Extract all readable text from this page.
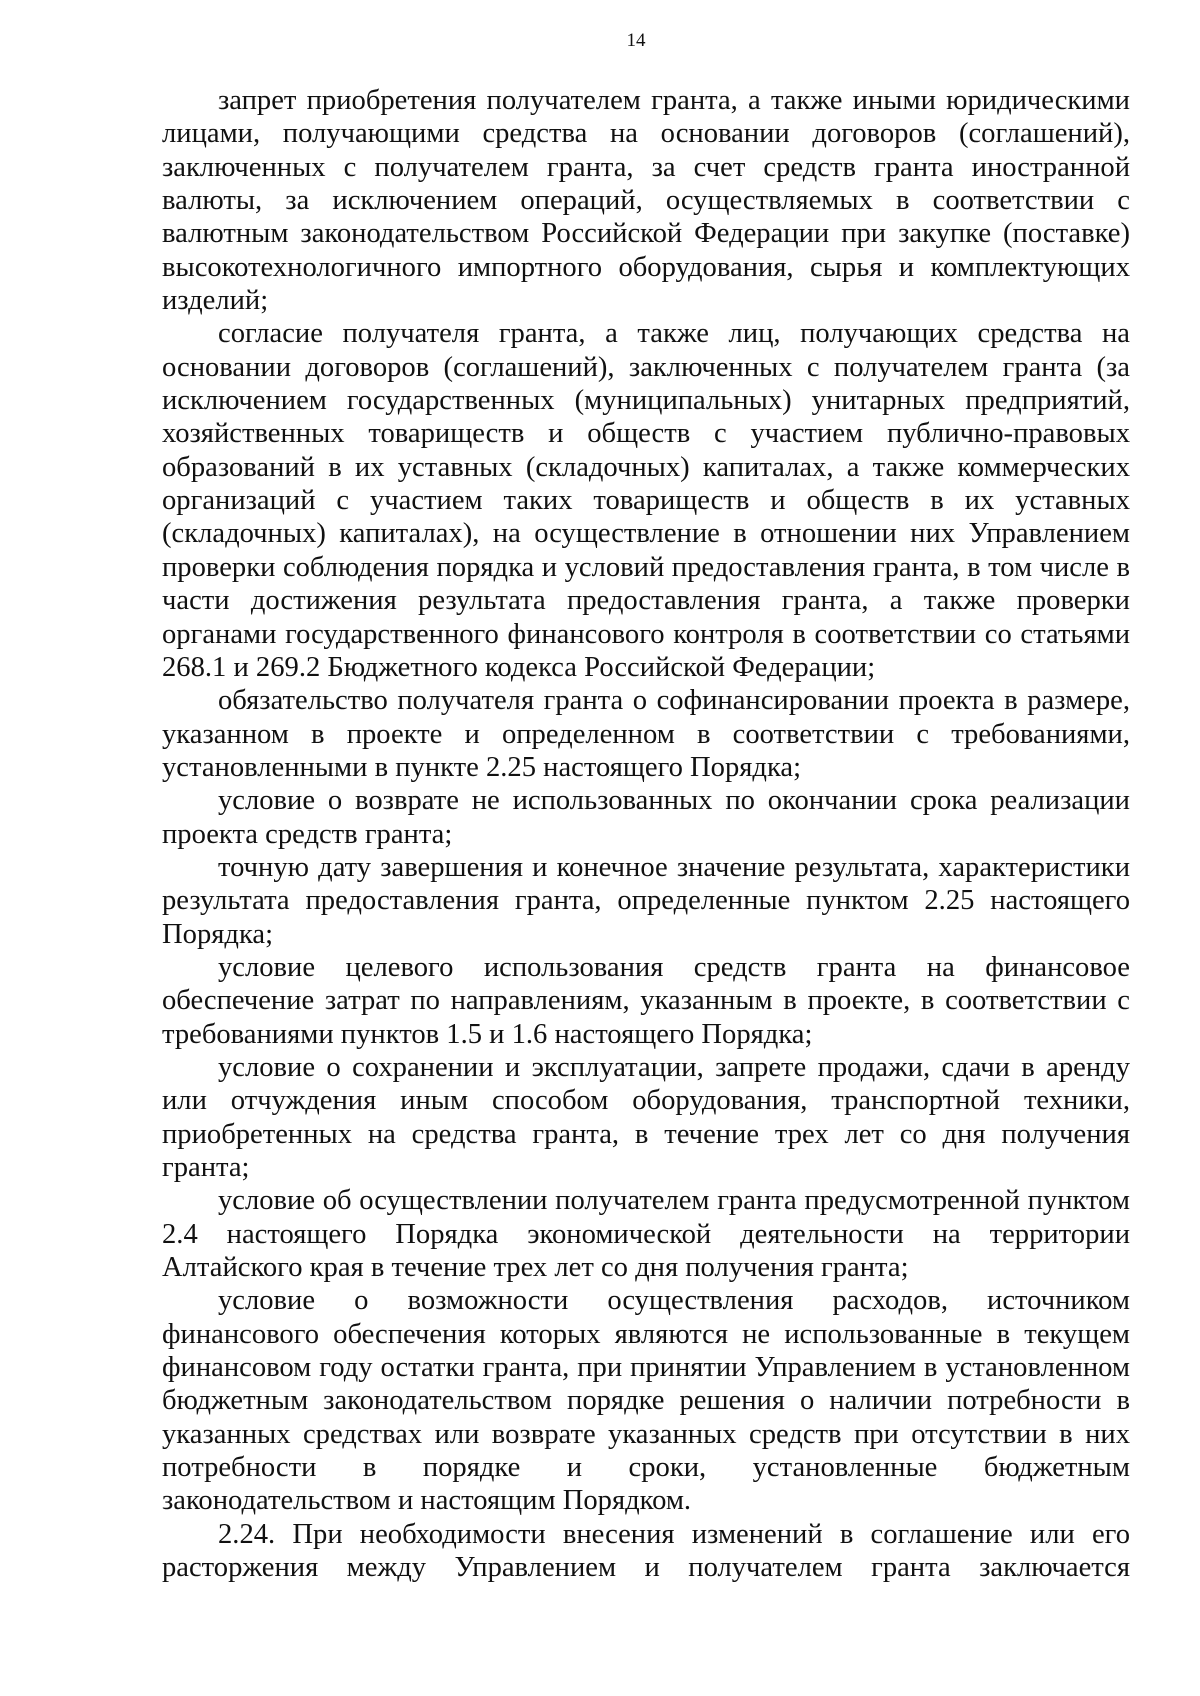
14

запрет приобретения получателем гранта, а также иными юридическими лицами, получающими средства на основании договоров (соглашений), заключенных с получателем гранта, за счет средств гранта иностранной валюты, за исключением операций, осуществляемых в соответствии с валютным законодательством Российской Федерации при закупке (поставке) высокотехнологичного импортного оборудования, сырья и комплектующих изделий;

согласие получателя гранта, а также лиц, получающих средства на основании договоров (соглашений), заключенных с получателем гранта (за исключением государственных (муниципальных) унитарных предприятий, хозяйственных товариществ и обществ с участием публично-правовых образований в их уставных (складочных) капиталах, а также коммерческих организаций с участием таких товариществ и обществ в их уставных (складочных) капиталах), на осуществление в отношении них Управлением проверки соблюдения порядка и условий предоставления гранта, в том числе в части достижения результата предоставления гранта, а также проверки органами государственного финансового контроля в соответствии со статьями 268.1 и 269.2 Бюджетного кодекса Российской Федерации;

обязательство получателя гранта о софинансировании проекта в размере, указанном в проекте и определенном в соответствии с требованиями, установленными в пункте 2.25 настоящего Порядка;

условие о возврате не использованных по окончании срока реализации проекта средств гранта;

точную дату завершения и конечное значение результата, характеристики результата предоставления гранта, определенные пунктом 2.25 настоящего Порядка;

условие целевого использования средств гранта на финансовое обеспечение затрат по направлениям, указанным в проекте, в соответствии с требованиями пунктов 1.5 и 1.6 настоящего Порядка;

условие о сохранении и эксплуатации, запрете продажи, сдачи в аренду или отчуждения иным способом оборудования, транспортной техники, приобретенных на средства гранта, в течение трех лет со дня получения гранта;

условие об осуществлении получателем гранта предусмотренной пунктом 2.4 настоящего Порядка экономической деятельности на территории Алтайского края в течение трех лет со дня получения гранта;

условие о возможности осуществления расходов, источником финансового обеспечения которых являются не использованные в текущем финансовом году остатки гранта, при принятии Управлением в установленном бюджетным законодательством порядке решения о наличии потребности в указанных средствах или возврате указанных средств при отсутствии в них потребности в порядке и сроки, установленные бюджетным законодательством и настоящим Порядком.

2.24. При необходимости внесения изменений в соглашение или его расторжения между Управлением и получателем гранта заключается
